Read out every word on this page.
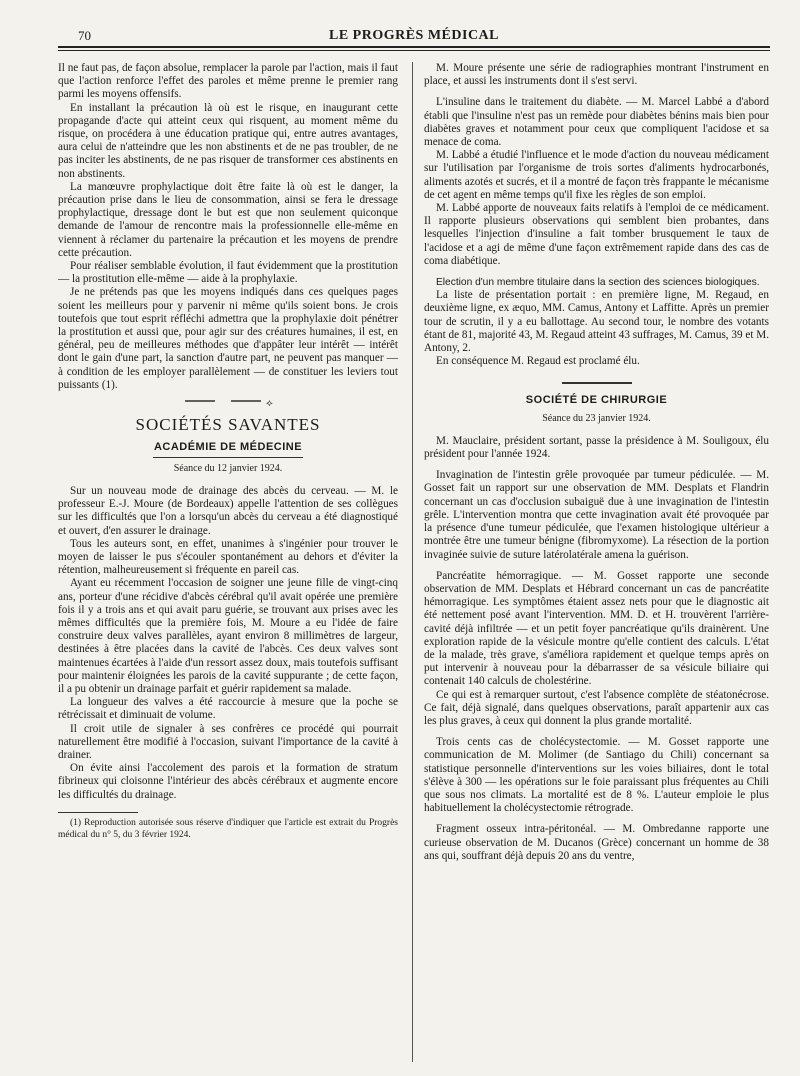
70	LE PROGRÈS MÉDICAL

Il ne faut pas, de façon absolue, remplacer la parole par l'action, mais il faut que l'action renforce l'effet des paroles et même prenne le premier rang parmi les moyens offensifs.

En installant la précaution là où est le risque, en inaugurant cette propagande d'acte qui atteint ceux qui risquent, au moment même du risque, on procédera à une éducation pratique qui, entre autres avantages, aura celui de n'atteindre que les non abstinents et de ne pas troubler, de ne pas inciter les abstinents, de ne pas risquer de transformer ces abstinents en non abstinents.

La manœuvre prophylactique doit être faite là où est le danger, la précaution prise dans le lieu de consommation, ainsi se fera le dressage prophylactique, dressage dont le but est que non seulement quiconque demande de l'amour de rencontre mais la professionnelle elle-même en viennent à réclamer du partenaire la précaution et les moyens de prendre cette précaution.

Pour réaliser semblable évolution, il faut évidemment que la prostitution — la prostitution elle-même — aide à la prophylaxie.

Je ne prétends pas que les moyens indiqués dans ces quelques pages soient les meilleurs pour y parvenir ni même qu'ils soient bons. Je crois toutefois que tout esprit réfléchi admettra que la prophylaxie doit pénétrer la prostitution et aussi que, pour agir sur des créatures humaines, il est, en général, peu de meilleures méthodes que d'appâter leur intérêt — intérêt dont le gain d'une part, la sanction d'autre part, ne peuvent pas manquer — à condition de les employer parallèlement — de constituer les leviers tout puissants (1).

⟡
SOCIÉTÉS SAVANTES
ACADÉMIE DE MÉDECINE
Séance du 12 janvier 1924.

Sur un nouveau mode de drainage des abcès du cerveau. — M. le professeur E.-J. Moure (de Bordeaux) appelle l'attention de ses collègues sur les difficultés que l'on a lorsqu'un abcès du cerveau a été diagnostiqué et ouvert, d'en assurer le drainage.

Tous les auteurs sont, en effet, unanimes à s'ingénier pour trouver le moyen de laisser le pus s'écouler spontanément au dehors et d'éviter la rétention, malheureusement si fréquente en pareil cas.

Ayant eu récemment l'occasion de soigner une jeune fille de vingt-cinq ans, porteur d'une récidive d'abcès cérébral qu'il avait opérée une première fois il y a trois ans et qui avait paru guérie, se trouvant aux prises avec les mêmes difficultés que la première fois, M. Moure a eu l'idée de faire construire deux valves parallèles, ayant environ 8 millimètres de largeur, destinées à être placées dans la cavité de l'abcès. Ces deux valves sont maintenues écartées à l'aide d'un ressort assez doux, mais toutefois suffisant pour maintenir éloignées les parois de la cavité suppurante ; de cette façon, il a pu obtenir un drainage parfait et guérir rapidement sa malade.

La longueur des valves a été raccourcie à mesure que la poche se rétrécissait et diminuait de volume.

Il croit utile de signaler à ses confrères ce procédé qui pourrait naturellement être modifié à l'occasion, suivant l'importance de la cavité à drainer.

On évite ainsi l'accolement des parois et la formation de stratum fibrineux qui cloisonne l'intérieur des abcès cérébraux et augmente encore les difficultés du drainage.

(1) Reproduction autorisée sous réserve d'indiquer que l'article est extrait du Progrès médical du n° 5, du 3 février 1924.

M. Moure présente une série de radiographies montrant l'instrument en place, et aussi les instruments dont il s'est servi.

L'insuline dans le traitement du diabète. — M. Marcel Labbé a d'abord établi que l'insuline n'est pas un remède pour diabètes bénins mais bien pour diabètes graves et notamment pour ceux que compliquent l'acidose et sa menace de coma.

M. Labbé a étudié l'influence et le mode d'action du nouveau médicament sur l'utilisation par l'organisme de trois sortes d'aliments hydrocarbonés, aliments azotés et sucrés, et il a montré de façon très frappante le mécanisme de cet agent en même temps qu'il fixe les règles de son emploi.

M. Labbé apporte de nouveaux faits relatifs à l'emploi de ce médicament. Il rapporte plusieurs observations qui semblent bien probantes, dans lesquelles l'injection d'insuline a fait tomber brusquement le taux de l'acidose et a agi de même d'une façon extrêmement rapide dans des cas de coma diabétique.

Election d'un membre titulaire dans la section des sciences biologiques.

La liste de présentation portait : en première ligne, M. Regaud, en deuxième ligne, ex æquo, MM. Camus, Antony et Laffitte. Après un premier tour de scrutin, il y a eu ballottage. Au second tour, le nombre des votants étant de 81, majorité 43, M. Regaud atteint 43 suffrages, M. Camus, 39 et M. Antony, 2.

En conséquence M. Regaud est proclamé élu.

SOCIÉTÉ DE CHIRURGIE
Séance du 23 janvier 1924.

M. Mauclaire, président sortant, passe la présidence à M. Souligoux, élu président pour l'année 1924.

Invagination de l'intestin grêle provoquée par tumeur pédiculée. — M. Gosset fait un rapport sur une observation de MM. Desplats et Flandrin concernant un cas d'occlusion subaiguë due à une invagination de l'intestin grêle. L'intervention montra que cette invagination avait été provoquée par la présence d'une tumeur pédiculée, que l'examen histologique ultérieur a montrée être une tumeur bénigne (fibromyxome). La résection de la portion invaginée suivie de suture latérolatérale amena la guérison.

Pancréatite hémorragique. — M. Gosset rapporte une seconde observation de MM. Desplats et Hébrard concernant un cas de pancréatite hémorragique. Les symptômes étaient assez nets pour que le diagnostic ait été nettement posé avant l'intervention. MM. D. et H. trouvèrent l'arrière-cavité déjà infiltrée — et un petit foyer pancréatique qu'ils drainèrent. Une exploration rapide de la vésicule montre qu'elle contient des calculs. L'état de la malade, très grave, s'améliora rapidement et quelque temps après on put intervenir à nouveau pour la débarrasser de sa vésicule biliaire qui contenait 140 calculs de cholestérine.

Ce qui est à remarquer surtout, c'est l'absence complète de stéatonécrose. Ce fait, déjà signalé, dans quelques observations, paraît appartenir aux cas les plus graves, à ceux qui donnent la plus grande mortalité.

Trois cents cas de cholécystectomie. — M. Gosset rapporte une communication de M. Molimer (de Santiago du Chili) concernant sa statistique personnelle d'interventions sur les voies biliaires, dont le total s'élève à 300 — les opérations sur le foie paraissant plus fréquentes au Chili que sous nos climats. La mortalité est de 8 %. L'auteur emploie le plus habituellement la cholécystectomie rétrograde.

Fragment osseux intra-péritonéal. — M. Ombredanne rapporte une curieuse observation de M. Ducanos (Grèce) concernant un homme de 38 ans qui, souffrant déjà depuis 20 ans du ventre,
